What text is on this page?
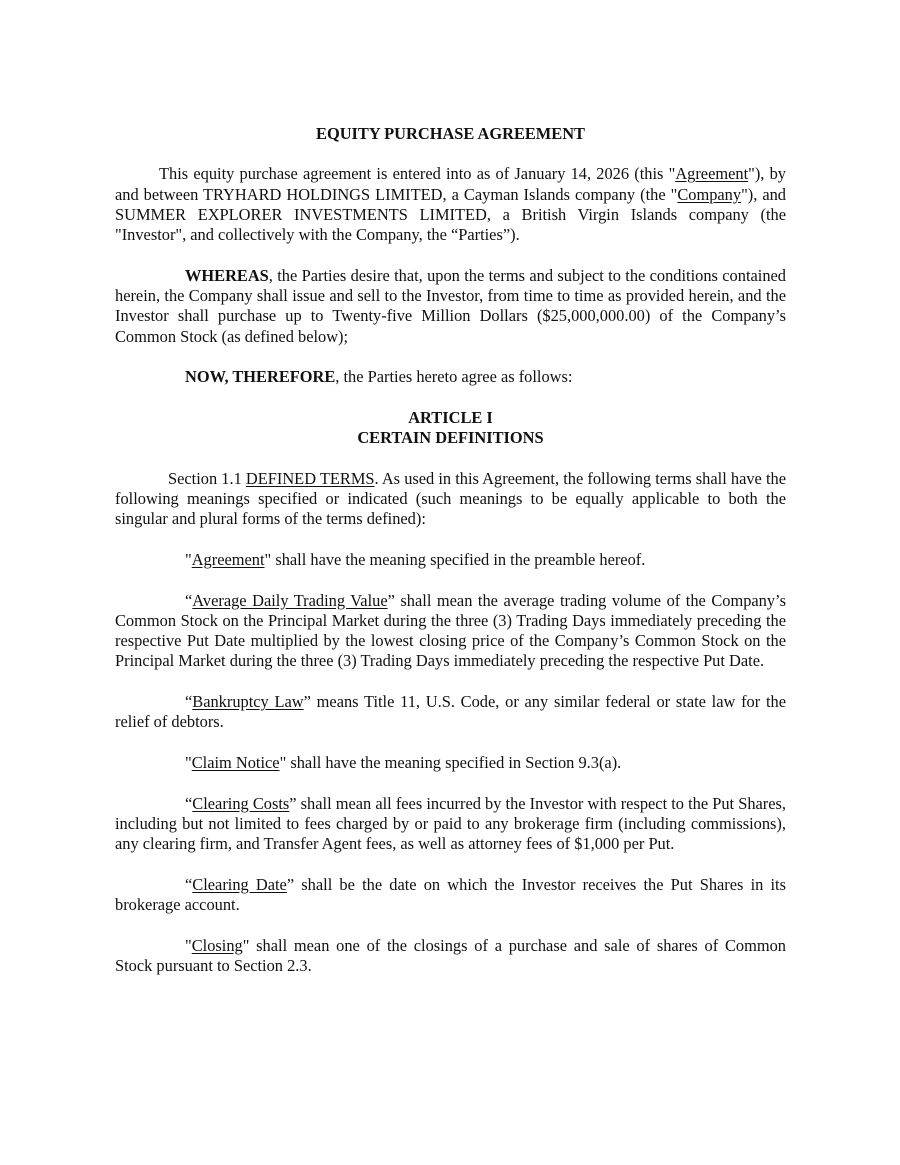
EQUITY PURCHASE AGREEMENT

This equity purchase agreement is entered into as of January 14, 2026 (this "Agreement"), by and between TRYHARD HOLDINGS LIMITED, a Cayman Islands company (the "Company"), and SUMMER EXPLORER INVESTMENTS LIMITED, a British Virgin Islands company (the "Investor", and collectively with the Company, the “Parties”).

WHEREAS, the Parties desire that, upon the terms and subject to the conditions contained herein, the Company shall issue and sell to the Investor, from time to time as provided herein, and the Investor shall purchase up to Twenty-five Million Dollars ($25,000,000.00) of the Company’s Common Stock (as defined below);

NOW, THEREFORE, the Parties hereto agree as follows:

ARTICLE I

CERTAIN DEFINITIONS

Section 1.1 DEFINED TERMS. As used in this Agreement, the following terms shall have the following meanings specified or indicated (such meanings to be equally applicable to both the singular and plural forms of the terms defined):

"Agreement" shall have the meaning specified in the preamble hereof.

“Average Daily Trading Value” shall mean the average trading volume of the Company’s Common Stock on the Principal Market during the three (3) Trading Days immediately preceding the respective Put Date multiplied by the lowest closing price of the Company’s Common Stock on the Principal Market during the three (3) Trading Days immediately preceding the respective Put Date.

“Bankruptcy Law” means Title 11, U.S. Code, or any similar federal or state law for the relief of debtors.

"Claim Notice" shall have the meaning specified in Section 9.3(a).

“Clearing Costs” shall mean all fees incurred by the Investor with respect to the Put Shares, including but not limited to fees charged by or paid to any brokerage firm (including commissions), any clearing firm, and Transfer Agent fees, as well as attorney fees of $1,000 per Put.

“Clearing Date” shall be the date on which the Investor receives the Put Shares in its brokerage account.

"Closing" shall mean one of the closings of a purchase and sale of shares of Common Stock pursuant to Section 2.3.
